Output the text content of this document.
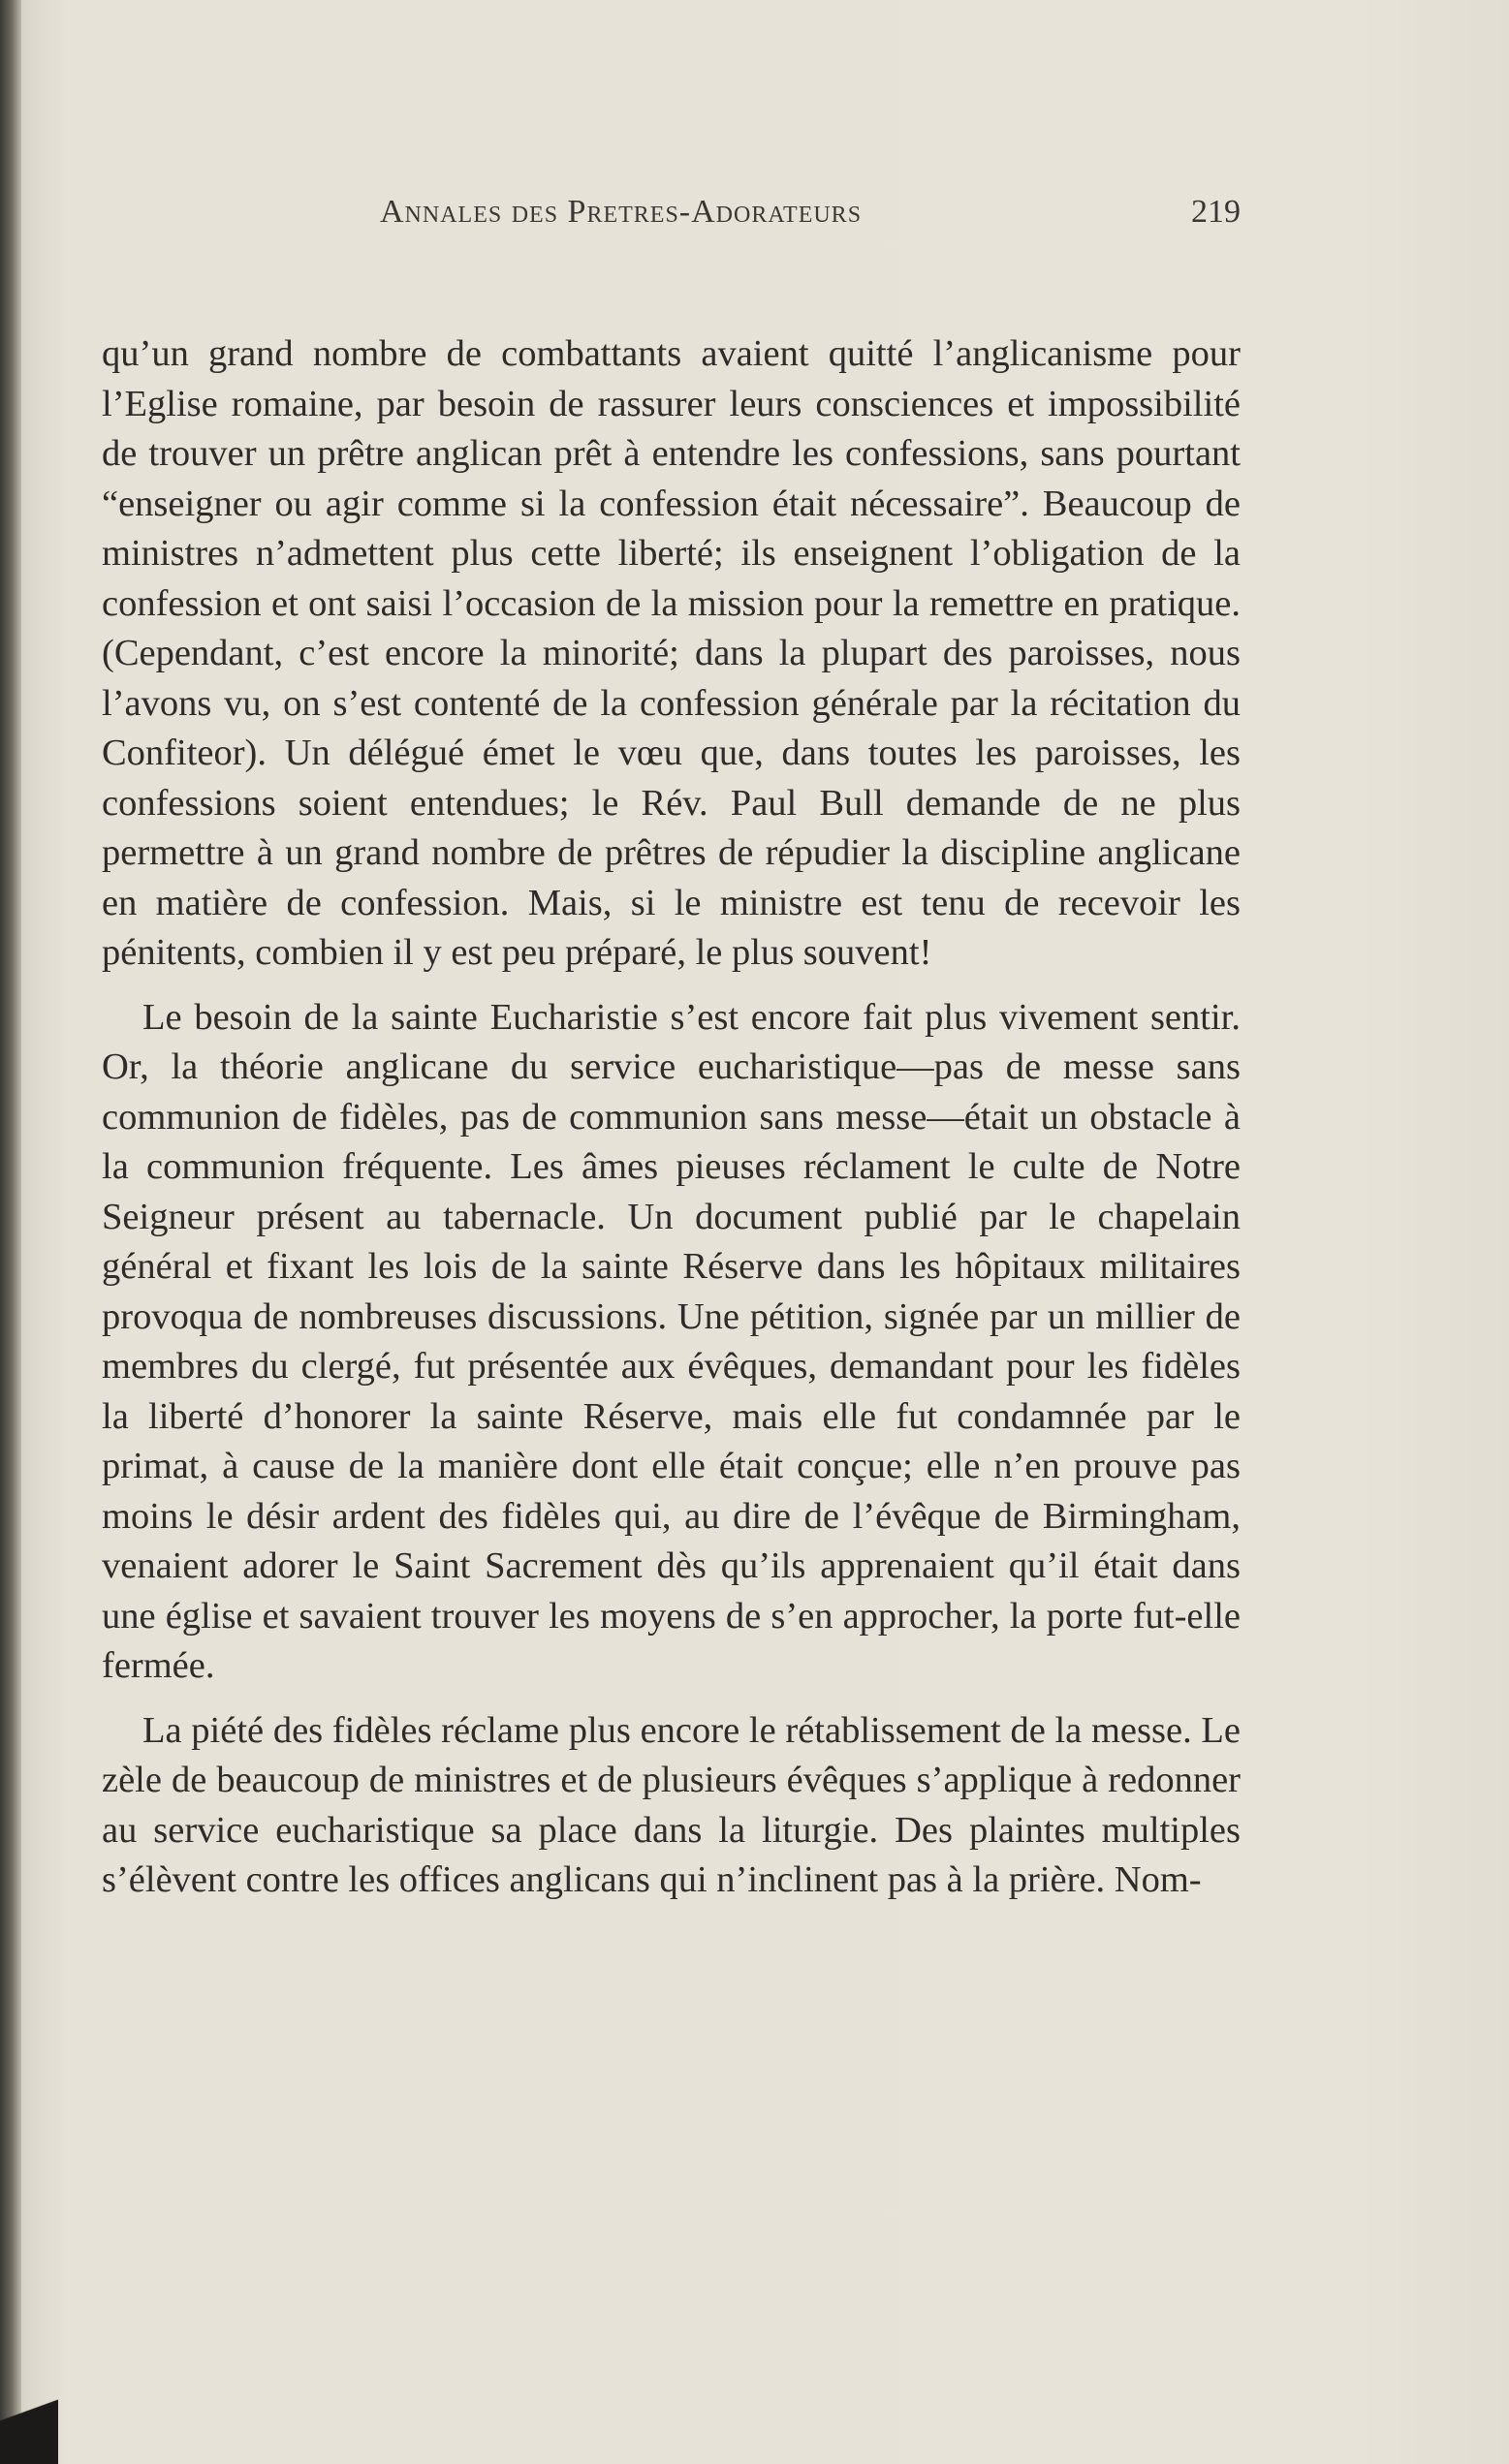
Annales des Pretres-Adorateurs	219

qu’un grand nombre de combattants avaient quitté l’anglicanisme pour l’Eglise romaine, par besoin de rassurer leurs consciences et impossibilité de trouver un prêtre anglican prêt à entendre les confessions, sans pourtant “enseigner ou agir comme si la confession était nécessaire”. Beaucoup de ministres n’admettent plus cette liberté; ils enseignent l’obligation de la confession et ont saisi l’occasion de la mission pour la remettre en pratique. (Cependant, c’est encore la minorité; dans la plupart des paroisses, nous l’avons vu, on s’est contenté de la confession générale par la récitation du Confiteor). Un délégué émet le vœu que, dans toutes les paroisses, les confessions soient entendues; le Rév. Paul Bull demande de ne plus permettre à un grand nombre de prêtres de répudier la discipline anglicane en matière de confession. Mais, si le ministre est tenu de recevoir les pénitents, combien il y est peu préparé, le plus souvent!

Le besoin de la sainte Eucharistie s’est encore fait plus vivement sentir. Or, la théorie anglicane du service eucharistique—pas de messe sans communion de fidèles, pas de communion sans messe—était un obstacle à la communion fréquente. Les âmes pieuses réclament le culte de Notre Seigneur présent au tabernacle. Un document publié par le chapelain général et fixant les lois de la sainte Réserve dans les hôpitaux militaires provoqua de nombreuses discussions. Une pétition, signée par un millier de membres du clergé, fut présentée aux évêques, demandant pour les fidèles la liberté d’honorer la sainte Réserve, mais elle fut condamnée par le primat, à cause de la manière dont elle était conçue; elle n’en prouve pas moins le désir ardent des fidèles qui, au dire de l’évêque de Birmingham, venaient adorer le Saint Sacrement dès qu’ils apprenaient qu’il était dans une église et savaient trouver les moyens de s’en approcher, la porte fut-elle fermée.

La piété des fidèles réclame plus encore le rétablissement de la messe. Le zèle de beaucoup de ministres et de plusieurs évêques s’applique à redonner au service eucharistique sa place dans la liturgie. Des plaintes multiples s’élèvent contre les offices anglicans qui n’inclinent pas à la prière. Nom-
